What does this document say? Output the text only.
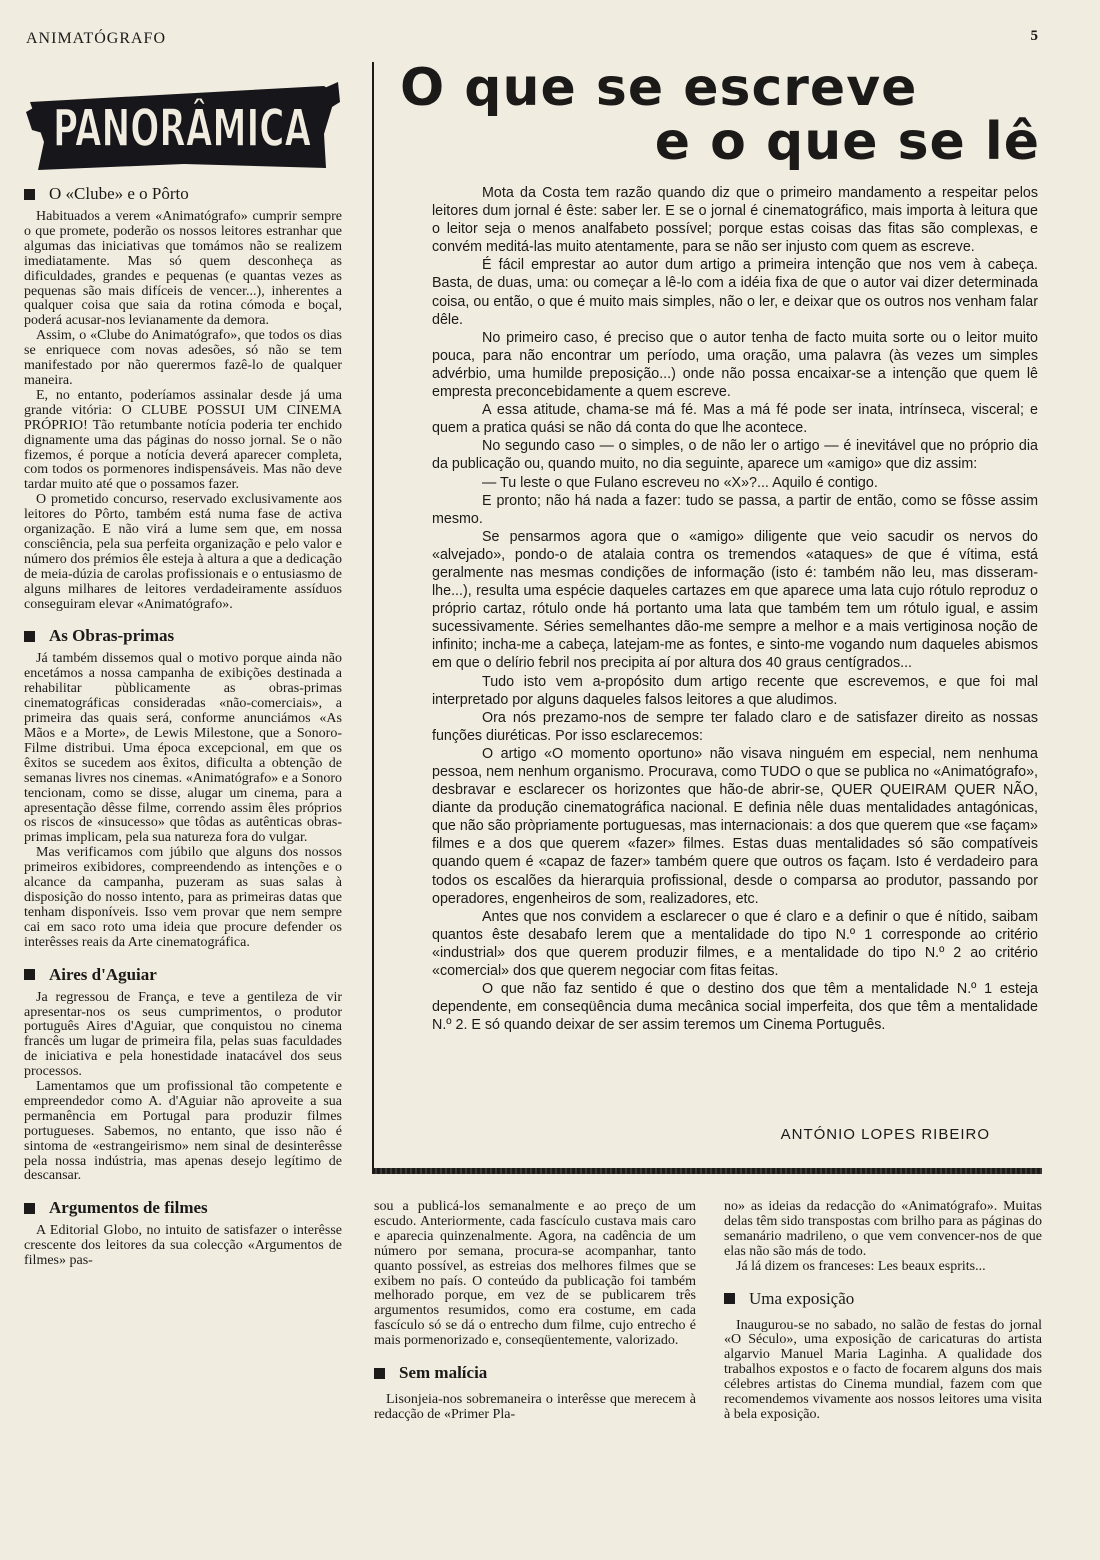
ANIMATÓGRAFO	5
PANORÂMICA
O «Clube» e o Pôrto

Habituados a verem «Animatógrafo» cumprir sempre o que promete, poderão os nossos leitores estranhar que algumas das iniciativas que tomámos não se realizem imediatamente. Mas só quem desconheça as dificuldades, grandes e pequenas (e quantas vezes as pequenas são mais difíceis de vencer...), inherentes a qualquer coisa que saia da rotina cómoda e boçal, poderá acusar-nos levianamente da demora.

Assim, o «Clube do Animatógrafo», que todos os dias se enriquece com novas adesões, só não se tem manifestado por não querermos fazê-lo de qualquer maneira.

E, no entanto, poderíamos assinalar desde já uma grande vitória: O CLUBE POSSUI UM CINEMA PRÓPRIO! Tão retumbante notícia poderia ter enchido dignamente uma das páginas do nosso jornal. Se o não fizemos, é porque a notícia deverá aparecer completa, com todos os pormenores indispensáveis. Mas não deve tardar muito até que o possamos fazer.

O prometido concurso, reservado exclusivamente aos leitores do Pôrto, também está numa fase de activa organização. E não virá a lume sem que, em nossa consciência, pela sua perfeita organização e pelo valor e número dos prémios êle esteja à altura a que a dedicação de meia-dúzia de carolas profissionais e o entusiasmo de alguns milhares de leitores verdadeiramente assíduos conseguiram elevar «Animatógrafo».

As Obras-primas

Já também dissemos qual o motivo porque ainda não encetámos a nossa campanha de exibições destinada a rehabilitar pùblicamente as obras-primas cinematográficas consideradas «não-comerciais», a primeira das quais será, conforme anunciámos «As Mãos e a Morte», de Lewis Milestone, que a Sonoro-Filme distribui. Uma época excepcional, em que os êxitos se sucedem aos êxitos, dificulta a obtenção de semanas livres nos cinemas. «Animatógrafo» e a Sonoro tencionam, como se disse, alugar um cinema, para a apresentação dêsse filme, correndo assim êles próprios os riscos de «insucesso» que tôdas as autênticas obras-primas implicam, pela sua natureza fora do vulgar.

Mas verificamos com júbilo que alguns dos nossos primeiros exibidores, compreendendo as intenções e o alcance da campanha, puzeram as suas salas à disposição do nosso intento, para as primeiras datas que tenham disponíveis. Isso vem provar que nem sempre cai em saco roto uma ideia que procure defender os interêsses reais da Arte cinematográfica.

Aires d'Aguiar

Ja regressou de França, e teve a gentileza de vir apresentar-nos os seus cumprimentos, o produtor português Aires d'Aguiar, que conquistou no cinema francês um lugar de primeira fila, pelas suas faculdades de iniciativa e pela honestidade inatacável dos seus processos.

Lamentamos que um profissional tão competente e empreendedor como A. d'Aguiar não aproveite a sua permanência em Portugal para produzir filmes portugueses. Sabemos, no entanto, que isso não é sintoma de «estrangeirismo» nem sinal de desinterêsse pela nossa indústria, mas apenas desejo legítimo de descansar.

Argumentos de filmes

A Editorial Globo, no intuito de satisfazer o interêsse crescente dos leitores da sua colecção «Argumentos de filmes» pas-

O que se escreve
e o que se lê

Mota da Costa tem razão quando diz que o primeiro mandamento a respeitar pelos leitores dum jornal é êste: saber ler. E se o jornal é cinematográfico, mais importa à leitura que o leitor seja o menos analfabeto possível; porque estas coisas das fitas são complexas, e convém meditá-las muito atentamente, para se não ser injusto com quem as escreve.

É fácil emprestar ao autor dum artigo a primeira intenção que nos vem à cabeça. Basta, de duas, uma: ou começar a lê-lo com a idéia fixa de que o autor vai dizer determinada coisa, ou então, o que é muito mais simples, não o ler, e deixar que os outros nos venham falar dêle.

No primeiro caso, é preciso que o autor tenha de facto muita sorte ou o leitor muito pouca, para não encontrar um período, uma oração, uma palavra (às vezes um simples advérbio, uma humilde preposição...) onde não possa encaixar-se a intenção que quem lê empresta preconcebidamente a quem escreve.

A essa atitude, chama-se má fé. Mas a má fé pode ser inata, intrínseca, visceral; e quem a pratica quási se não dá conta do que lhe acontece.

No segundo caso — o simples, o de não ler o artigo — é inevitável que no próprio dia da publicação ou, quando muito, no dia seguinte, aparece um «amigo» que diz assim:

— Tu leste o que Fulano escreveu no «X»?... Aquilo é contigo.

E pronto; não há nada a fazer: tudo se passa, a partir de então, como se fôsse assim mesmo.

Se pensarmos agora que o «amigo» diligente que veio sacudir os nervos do «alvejado», pondo-o de atalaia contra os tremendos «ataques» de que é vítima, está geralmente nas mesmas condições de informação (isto é: também não leu, mas disseram-lhe...), resulta uma espécie daqueles cartazes em que aparece uma lata cujo rótulo reproduz o próprio cartaz, rótulo onde há portanto uma lata que também tem um rótulo igual, e assim sucessivamente. Séries semelhantes dão-me sempre a melhor e a mais vertiginosa noção de infinito; incha-me a cabeça, latejam-me as fontes, e sinto-me vogando num daqueles abismos em que o delírio febril nos precipita aí por altura dos 40 graus centígrados...

Tudo isto vem a-propósito dum artigo recente que escrevemos, e que foi mal interpretado por alguns daqueles falsos leitores a que aludimos.

Ora nós prezamo-nos de sempre ter falado claro e de satisfazer direito as nossas funções diuréticas. Por isso esclarecemos:

O artigo «O momento oportuno» não visava ninguém em especial, nem nenhuma pessoa, nem nenhum organismo. Procurava, como TUDO o que se publica no «Animatógrafo», desbravar e esclarecer os horizontes que hão-de abrir-se, QUER QUEIRAM QUER NÃO, diante da produção cinematográfica nacional. E definia nêle duas mentalidades antagónicas, que não são pròpriamente portuguesas, mas internacionais: a dos que querem que «se façam» filmes e a dos que querem «fazer» filmes. Estas duas mentalidades só são compatíveis quando quem é «capaz de fazer» também quere que outros os façam. Isto é verdadeiro para todos os escalões da hierarquia profissional, desde o comparsa ao produtor, passando por operadores, engenheiros de som, realizadores, etc.

Antes que nos convidem a esclarecer o que é claro e a definir o que é nítido, saibam quantos êste desabafo lerem que a mentalidade do tipo N.º 1 corresponde ao critério «industrial» dos que querem produzir filmes, e a mentalidade do tipo N.º 2 ao critério «comercial» dos que querem negociar com fitas feitas.

O que não faz sentido é que o destino dos que têm a mentalidade N.º 1 esteja dependente, em conseqüência duma mecânica social imperfeita, dos que têm a mentalidade N.º 2. E só quando deixar de ser assim teremos um Cinema Português.

ANTÓNIO LOPES RIBEIRO

sou a publicá-los semanalmente e ao preço de um escudo. Anteriormente, cada fascículo custava mais caro e aparecia quinzenalmente. Agora, na cadência de um número por semana, procura-se acompanhar, tanto quanto possível, as estreias dos melhores filmes que se exibem no país. O conteúdo da publicação foi também melhorado porque, em vez de se publicarem três argumentos resumidos, como era costume, em cada fascículo só se dá o entrecho dum filme, cujo entrecho é mais pormenorizado e, conseqüentemente, valorizado.

Sem malícia

Lisonjeia-nos sobremaneira o interêsse que merecem à redacção de «Primer Pla-

no» as ideias da redacção do «Animatógrafo». Muitas delas têm sido transpostas com brilho para as páginas do semanário madrileno, o que vem convencer-nos de que elas não são más de todo.

Já lá dizem os franceses: Les beaux esprits...

Uma exposição

Inaugurou-se no sabado, no salão de festas do jornal «O Século», uma exposição de caricaturas do artista algarvio Manuel Maria Laginha. A qualidade dos trabalhos expostos e o facto de focarem alguns dos mais célebres artistas do Cinema mundial, fazem com que recomendemos vivamente aos nossos leitores uma visita à bela exposição.
